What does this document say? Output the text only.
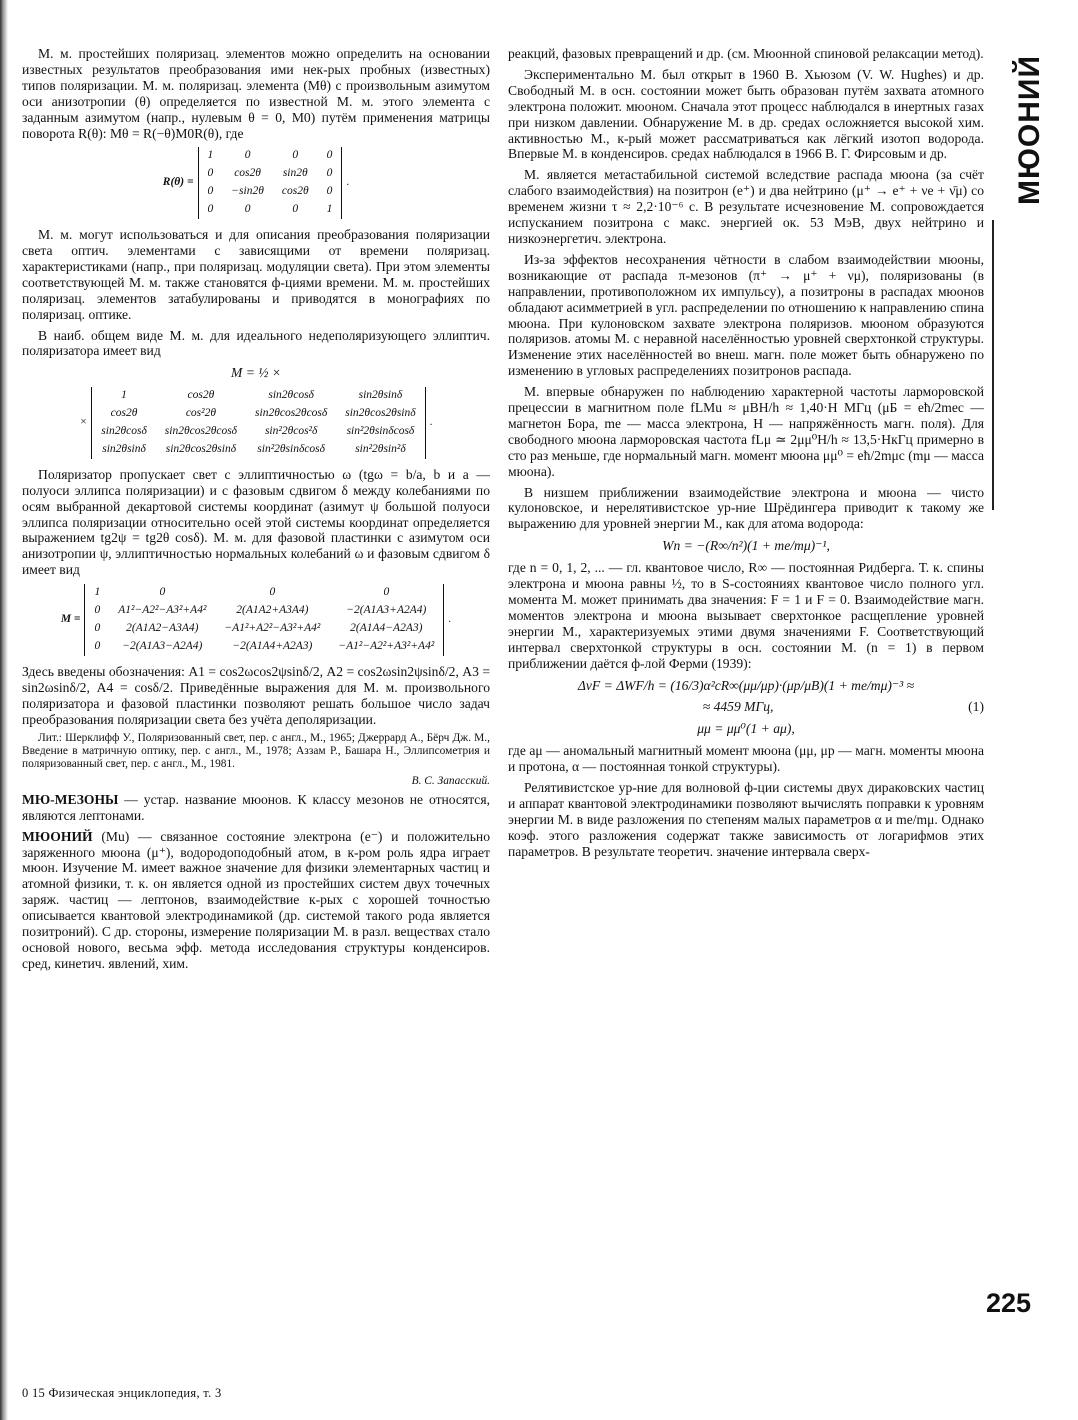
М. м. простейших поляризац. элементов можно определить на основании известных результатов преобразования ими нек-рых пробных (известных) типов поляризации. М. м. поляризац. элемента (Mθ) с произвольным азимутом оси анизотропии (θ) определяется по известной М. м. этого элемента с заданным азимутом (напр., нулевым θ = 0, M0) путём применения матрицы поворота R(θ): Mθ = R(−θ)M0R(θ), где

R(θ) =
1	0	0	0
0	cos2θ	sin2θ	0
0	−sin2θ	cos2θ	0
0	0	0	1
.

М. м. могут использоваться и для описания преобразования поляризации света оптич. элементами с зависящими от времени поляризац. характеристиками (напр., при поляризац. модуляции света). При этом элементы соответствующей М. м. также становятся ф-циями времени. М. м. простейших поляризац. элементов затабулированы и приводятся в монографиях по поляризац. оптике.

В наиб. общем виде М. м. для идеального недеполяризующего эллиптич. поляризатора имеет вид

M = ½ ×
×
1	cos2θ	sin2θcosδ	sin2θsinδ
cos2θ	cos²2θ	sin2θcos2θcosδ	sin2θcos2θsinδ
sin2θcosδ	sin2θcos2θcosδ	sin²2θcos²δ	sin²2θsinδcosδ
sin2θsinδ	sin2θcos2θsinδ	sin²2θsinδcosδ	sin²2θsin²δ
.

Поляризатор пропускает свет с эллиптичностью ω (tgω = b/a, b и a — полуоси эллипса поляризации) и с фазовым сдвигом δ между колебаниями по осям выбранной декартовой системы координат (азимут ψ большой полуоси эллипса поляризации относительно осей этой системы координат определяется выражением tg2ψ = tg2θ cosδ). М. м. для фазовой пластинки с азимутом оси анизотропии ψ, эллиптичностью нормальных колебаний ω и фазовым сдвигом δ имеет вид

M =
1	0	0	0
0	A1²−A2²−A3²+A4²	2(A1A2+A3A4)	−2(A1A3+A2A4)
0	2(A1A2−A3A4)	−A1²+A2²−A3²+A4²	2(A1A4−A2A3)
0	−2(A1A3−A2A4)	−2(A1A4+A2A3)	−A1²−A2²+A3²+A4²
.

Здесь введены обозначения: A1 = cos2ωcos2ψsinδ/2, A2 = cos2ωsin2ψsinδ/2, A3 = sin2ωsinδ/2, A4 = cosδ/2. Приведённые выражения для М. м. произвольного поляризатора и фазовой пластинки позволяют решать большое число задач преобразования поляризации света без учёта деполяризации.

Лит.: Шерклифф У., Поляризованный свет, пер. с англ., М., 1965; Джеррард А., Бёрч Дж. М., Введение в матричную оптику, пер. с англ., М., 1978; Аззам Р., Башара Н., Эллипсометрия и поляризованный свет, пер. с англ., М., 1981.

В. С. Запасский.

МЮ-МЕЗОНЫ — устар. название мюонов. К классу мезонов не относятся, являются лептонами.

МЮОНИЙ (Mu) — связанное состояние электрона (e⁻) и положительно заряженного мюона (μ⁺), водородоподобный атом, в к-ром роль ядра играет мюон. Изучение М. имеет важное значение для физики элементарных частиц и атомной физики, т. к. он является одной из простейших систем двух точечных заряж. частиц — лептонов, взаимодействие к-рых с хорошей точностью описывается квантовой электродинамикой (др. системой такого рода является позитроний). С др. стороны, измерение поляризации М. в разл. веществах стало основой нового, весьма эфф. метода исследования структуры конденсиров. сред, кинетич. явлений, хим.

реакций, фазовых превращений и др. (см. Мюонной спиновой релаксации метод).

Экспериментально М. был открыт в 1960 В. Хьюзом (V. W. Hughes) и др. Свободный М. в осн. состоянии может быть образован путём захвата атомного электрона положит. мюоном. Сначала этот процесс наблюдался в инертных газах при низком давлении. Обнаружение М. в др. средах осложняется высокой хим. активностью М., к-рый может рассматриваться как лёгкий изотоп водорода. Впервые М. в конденсиров. средах наблюдался в 1966 В. Г. Фирсовым и др.

М. является метастабильной системой вследствие распада мюона (за счёт слабого взаимодействия) на позитрон (e⁺) и два нейтрино (μ⁺ → e⁺ + νe + ν̄μ) со временем жизни τ ≈ 2,2·10⁻⁶ с. В результате исчезновение М. сопровождается испусканием позитрона с макс. энергией ок. 53 МэВ, двух нейтрино и низкоэнергетич. электрона.

Из-за эффектов несохранения чётности в слабом взаимодействии мюоны, возникающие от распада π-мезонов (π⁺ → μ⁺ + νμ), поляризованы (в направлении, противоположном их импульсу), а позитроны в распадах мюонов обладают асимметрией в угл. распределении по отношению к направлению спина мюона. При кулоновском захвате электрона поляризов. мюоном образуются поляризов. атомы М. с неравной населённостью уровней сверхтонкой структуры. Изменение этих населённостей во внеш. магн. поле может быть обнаружено по изменению в угловых распределениях позитронов распада.

М. впервые обнаружен по наблюдению характерной частоты ларморовской прецессии в магнитном поле fLMu ≈ μBH/h ≈ 1,40·H МГц (μБ = eħ/2mec — магнетон Бора, me — масса электрона, H — напряжённость магн. поля). Для свободного мюона ларморовская частота fLμ ≃ 2μμ⁰H/h ≈ 13,5·HкГц примерно в сто раз меньше, где нормальный магн. момент мюона μμ⁰ = eħ/2mμc (mμ — масса мюона).

В низшем приближении взаимодействие электрона и мюона — чисто кулоновское, и нерелятивистское ур-ние Шрёдингера приводит к такому же выражению для уровней энергии М., как для атома водорода:

Wn = −(R∞/n²)(1 + me/mμ)⁻¹,

где n = 0, 1, 2, ... — гл. квантовое число, R∞ — постоянная Ридберга. Т. к. спины электрона и мюона равны ½, то в S-состояниях квантовое число полного угл. момента М. может принимать два значения: F = 1 и F = 0. Взаимодействие магн. моментов электрона и мюона вызывает сверхтонкое расщепление уровней энергии М., характеризуемых этими двумя значениями F. Соответствующий интервал сверхтонкой структуры в осн. состоянии М. (n = 1) в первом приближении даётся ф-лой Ферми (1939):

ΔνF = ΔWF/h = (16/3)α²cR∞(μμ/μp)·(μp/μB)(1 + me/mμ)⁻³ ≈
≈ 4459 МГц,	(1)
μμ = μμ⁰(1 + aμ),

где aμ — аномальный магнитный момент мюона (μμ, μp — магн. моменты мюона и протона, α — постоянная тонкой структуры).

Релятивистское ур-ние для волновой ф-ции системы двух дираковских частиц и аппарат квантовой электродинамики позволяют вычислять поправки к уровням энергии М. в виде разложения по степеням малых параметров α и me/mμ. Однако коэф. этого разложения содержат также зависимость от логарифмов этих параметров. В результате теоретич. значение интервала сверх-

МЮОНИЙ
225
0 15 Физическая энциклопедия, т. 3
